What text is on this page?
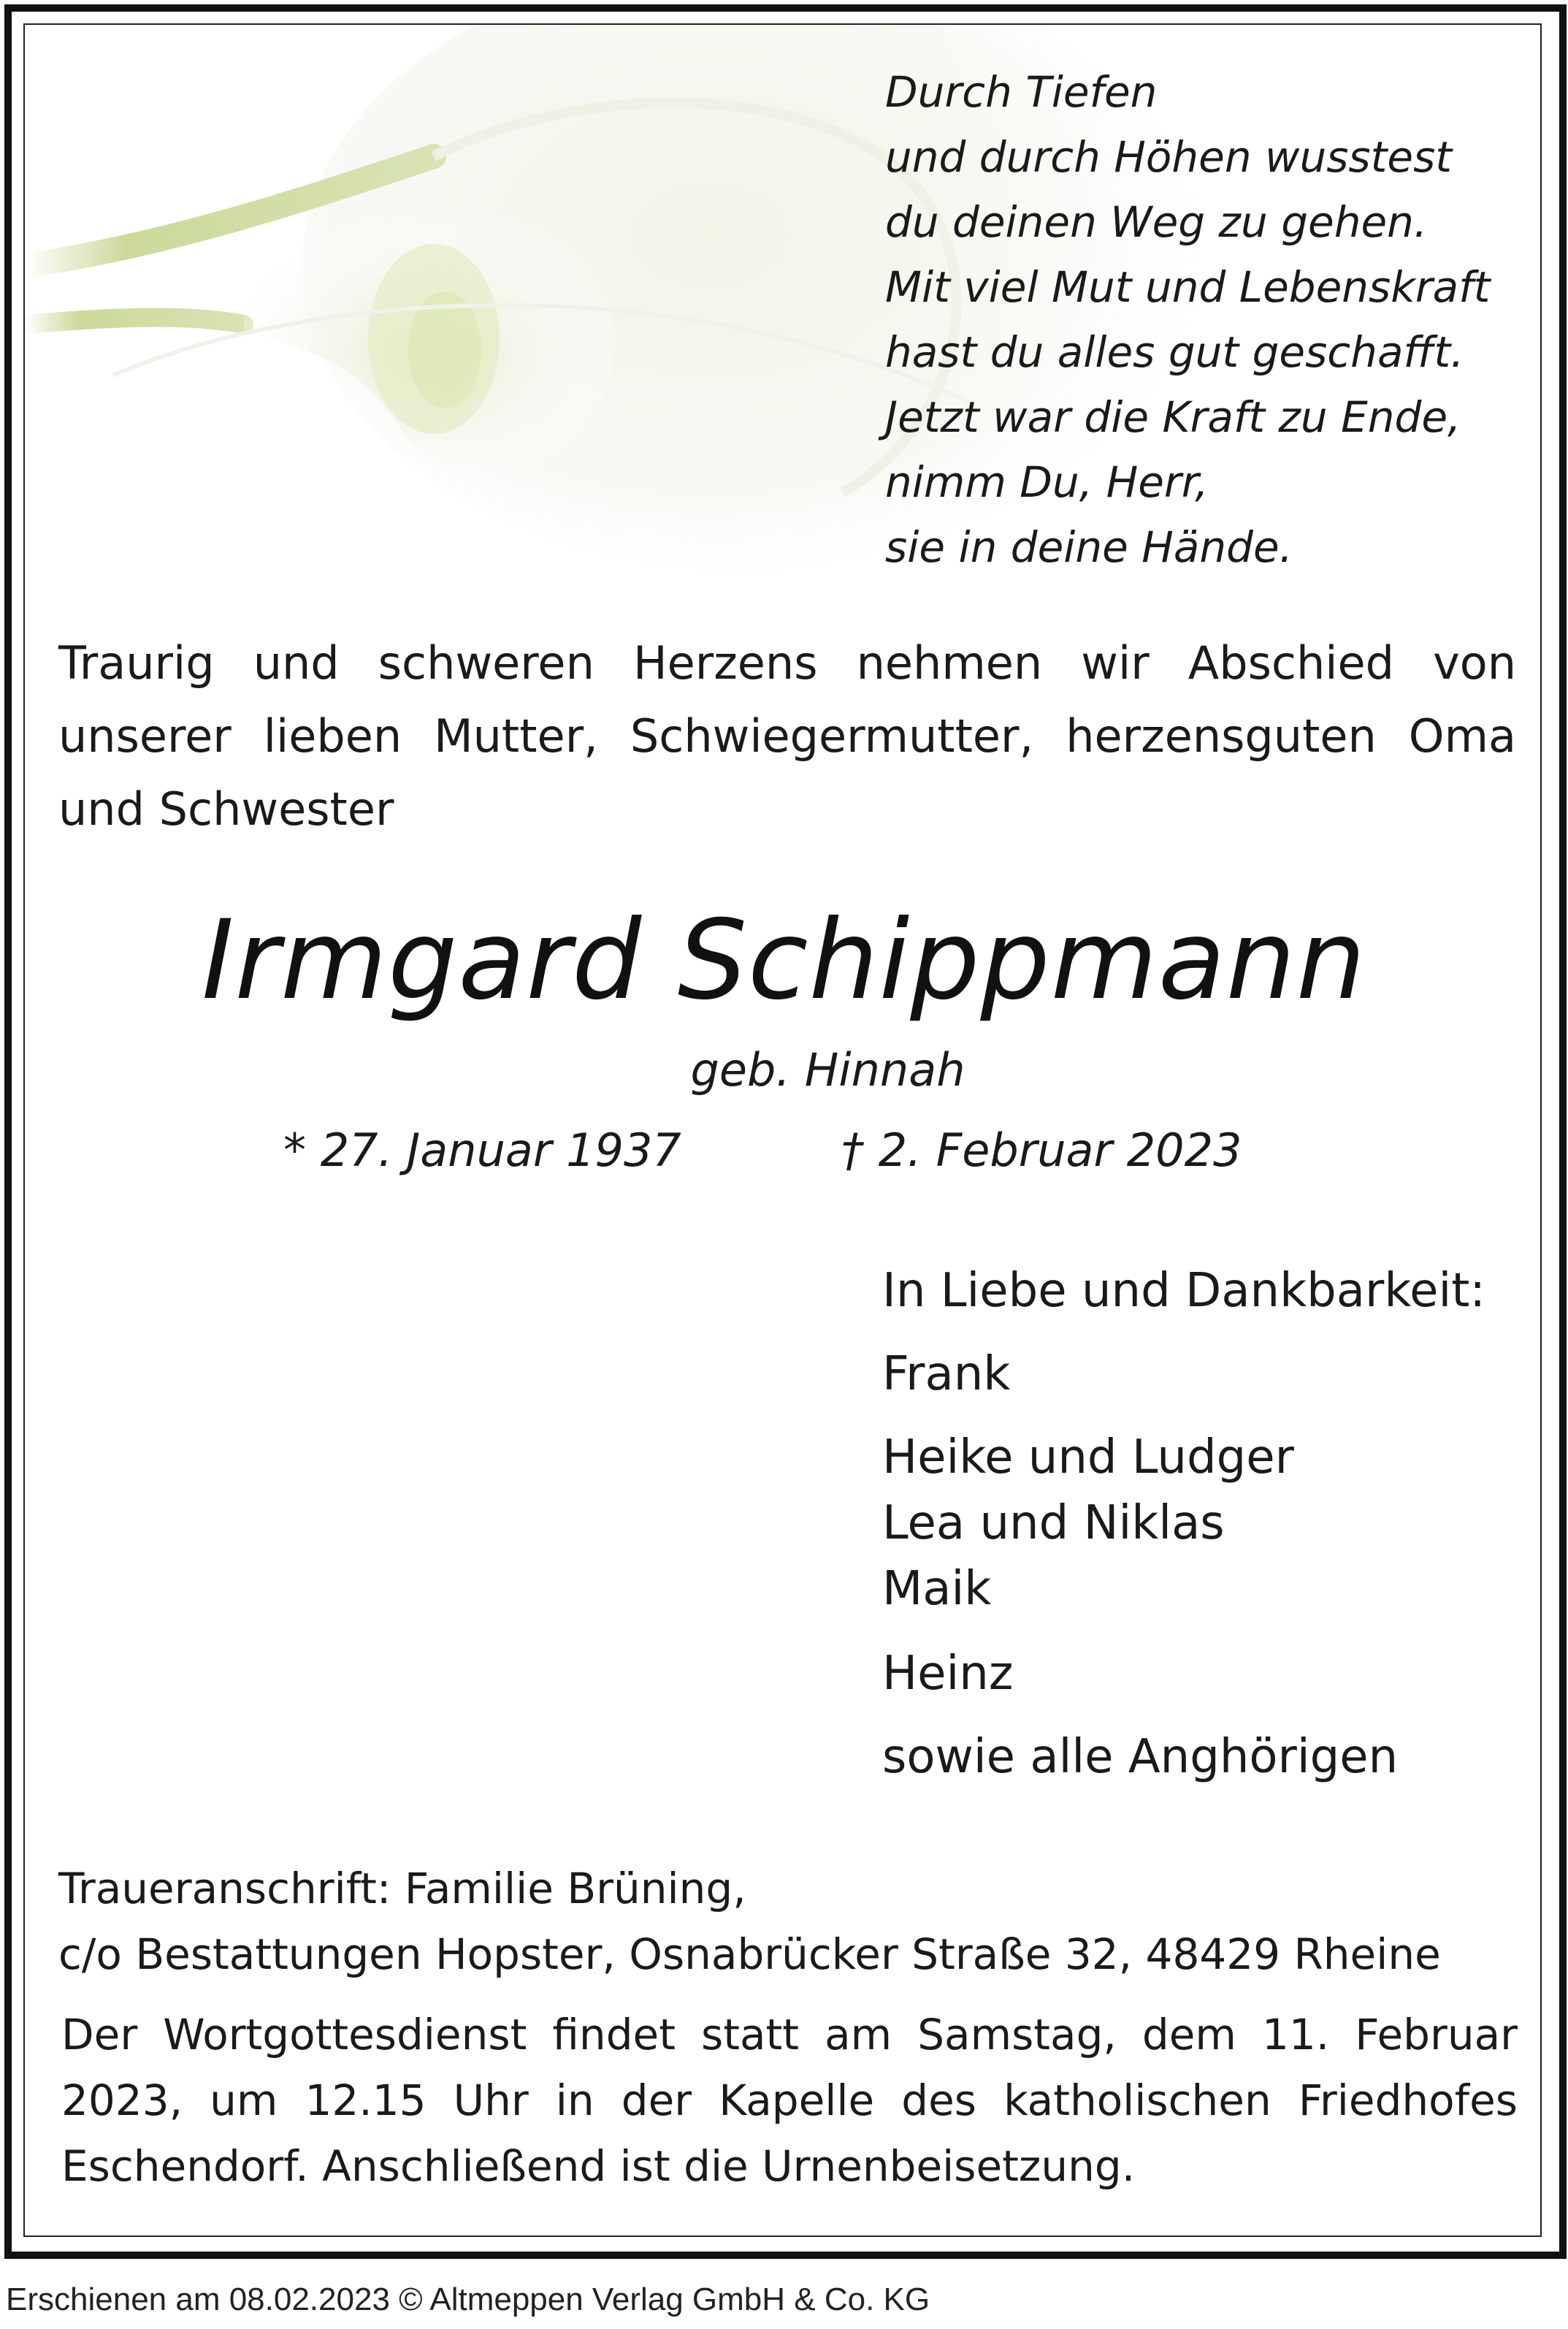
Durch Tiefen
und durch Höhen wusstest
du deinen Weg zu gehen.
Mit viel Mut und Lebenskraft
hast du alles gut geschafft.
Jetzt war die Kraft zu Ende,
nimm Du, Herr,
sie in deine Hände.
Traurig und schweren Herzens nehmen wir Abschied von
unserer lieben Mutter, Schwiegermutter, herzensguten Oma
und Schwester
Irmgard Schippmann
geb. Hinnah
* 27. Januar 1937	† 2. Februar 2023
In Liebe und Dankbarkeit:
Frank
Heike und Ludger
Lea und Niklas
Maik
Heinz
sowie alle Anghörigen
Traueranschrift: Familie Brüning,
c/o Bestattungen Hopster, Osnabrücker Straße 32, 48429 Rheine
Der Wortgottesdienst findet statt am Samstag, dem 11. Februar
2023, um 12.15 Uhr in der Kapelle des katholischen Friedhofes
Eschendorf. Anschließend ist die Urnenbeisetzung.
Erschienen am 08.02.2023 © Altmeppen Verlag GmbH & Co. KG
